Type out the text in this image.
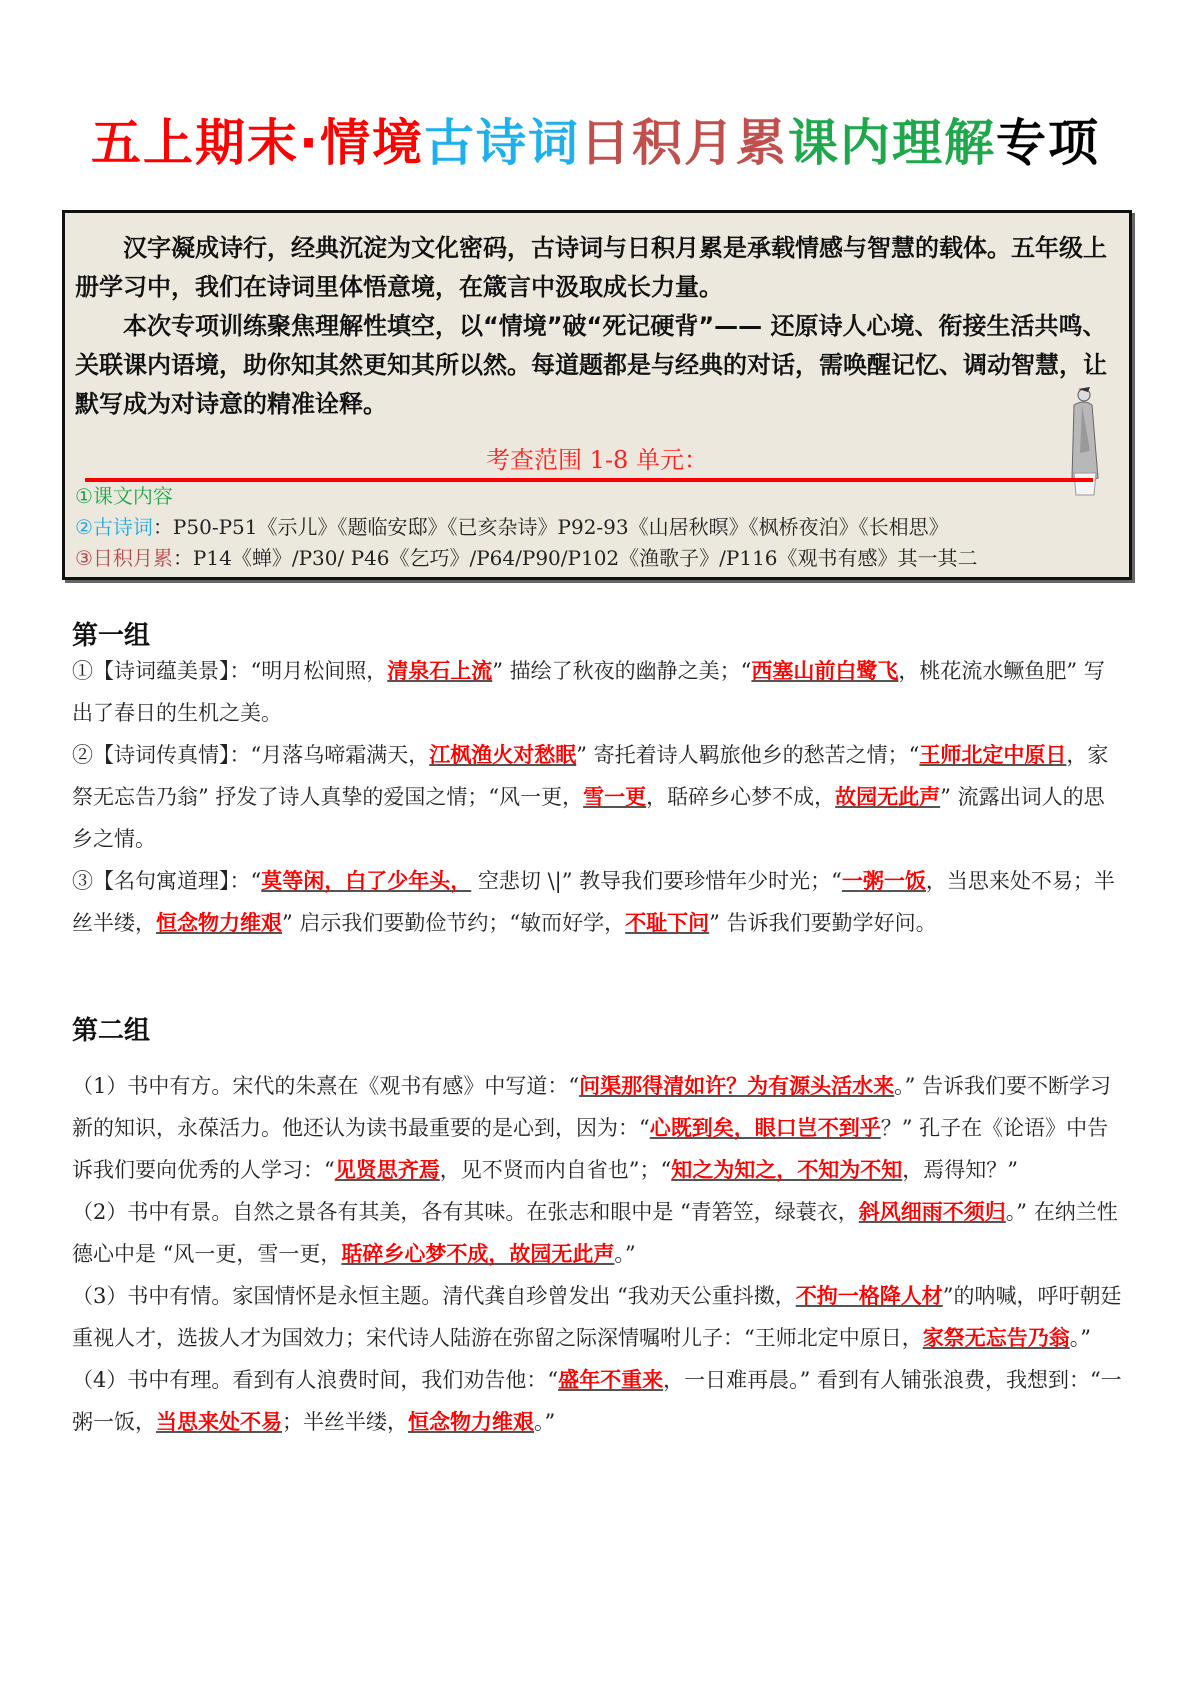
五上期末·情境古诗词日积月累课内理解专项

汉字凝成诗行，经典沉淀为文化密码，古诗词与日积月累是承载情感与智慧的载体。五年级上册学习中，我们在诗词里体悟意境，在箴言中汲取成长力量。

本次专项训练聚焦理解性填空，以“情境”破“死记硬背”—— 还原诗人心境、衔接生活共鸣、关联课内语境，助你知其然更知其所以然。每道题都是与经典的对话，需唤醒记忆、调动智慧，让默写成为对诗意的精准诠释。

考查范围 1-8 单元：
①课文内容
②古诗词：P50-P51《示儿》《题临安邸》《已亥杂诗》P92-93《山居秋暝》《枫桥夜泊》《长相思》
③日积月累：P14《蝉》/P30/ P46《乞巧》/P64/P90/P102《渔歌子》/P116《观书有感》其一其二
第一组

①【诗词蕴美景】：“明月松间照，清泉石上流” 描绘了秋夜的幽静之美；“西塞山前白鹭飞，桃花流水鳜鱼肥” 写出了春日的生机之美。

②【诗词传真情】：“月落乌啼霜满天，江枫渔火对愁眠” 寄托着诗人羁旅他乡的愁苦之情；“王师北定中原日，家祭无忘告乃翁” 抒发了诗人真挚的爱国之情；“风一更，雪一更，聒碎乡心梦不成，故园无此声” 流露出词人的思乡之情。

③【名句寓道理】：“莫等闲，白了少年头， 空悲切 \|” 教导我们要珍惜年少时光；“一粥一饭，当思来处不易；半丝半缕，恒念物力维艰” 启示我们要勤俭节约；“敏而好学，不耻下问” 告诉我们要勤学好问。

第二组

（1）书中有方。宋代的朱熹在《观书有感》中写道：“问渠那得清如许？为有源头活水来。” 告诉我们要不断学习新的知识，永葆活力。他还认为读书最重要的是心到，因为：“心既到矣，眼口岂不到乎？” 孔子在《论语》中告诉我们要向优秀的人学习：“见贤思齐焉，见不贤而内自省也”；“知之为知之，不知为不知，焉得知？”

（2）书中有景。自然之景各有其美，各有其味。在张志和眼中是 “青箬笠，绿蓑衣，斜风细雨不须归。” 在纳兰性德心中是 “风一更，雪一更，聒碎乡心梦不成，故园无此声。”

（3）书中有情。家国情怀是永恒主题。清代龚自珍曾发出 “我劝天公重抖擞，不拘一格降人材”的呐喊，呼吁朝廷重视人才，选拔人才为国效力；宋代诗人陆游在弥留之际深情嘱咐儿子：“王师北定中原日，家祭无忘告乃翁。”

（4）书中有理。看到有人浪费时间，我们劝告他：“盛年不重来，一日难再晨。” 看到有人铺张浪费，我想到：“一粥一饭，当思来处不易；半丝半缕，恒念物力维艰。”
